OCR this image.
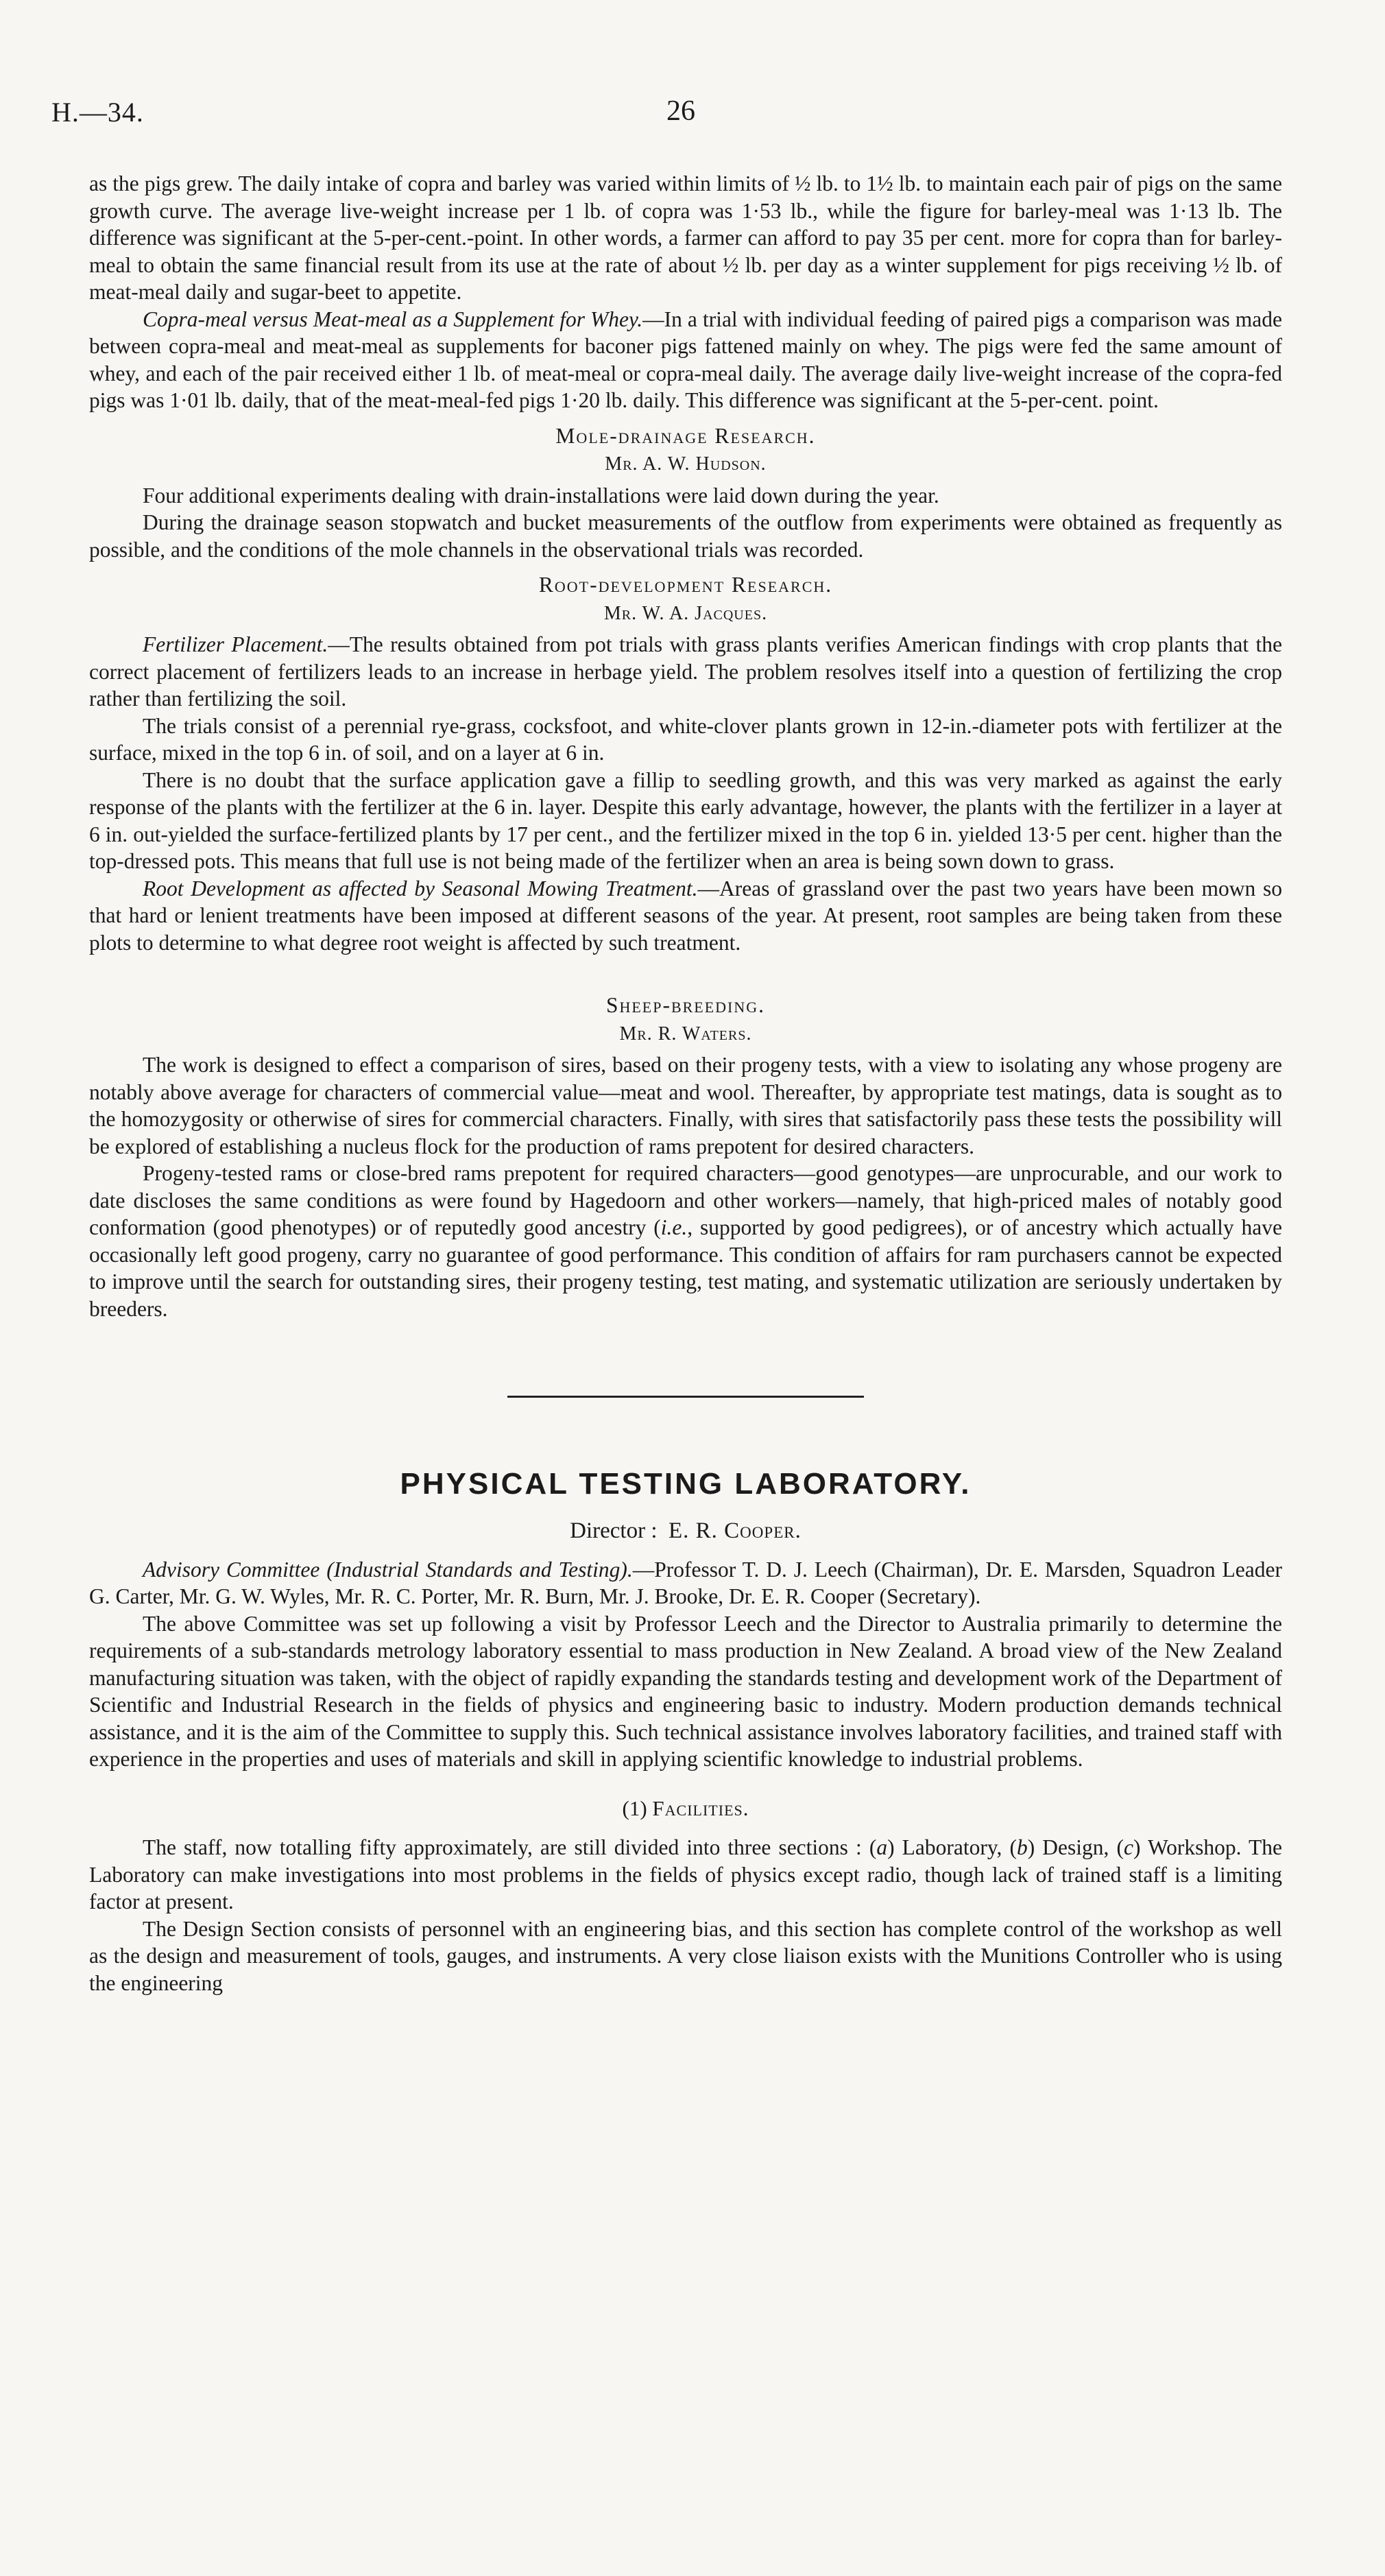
H.—34.	26

as the pigs grew. The daily intake of copra and barley was varied within limits of ½ lb. to 1½ lb. to maintain each pair of pigs on the same growth curve. The average live-weight increase per 1 lb. of copra was 1·53 lb., while the figure for barley-meal was 1·13 lb. The difference was significant at the 5-per-cent.-point. In other words, a farmer can afford to pay 35 per cent. more for copra than for barley-meal to obtain the same financial result from its use at the rate of about ½ lb. per day as a winter supplement for pigs receiving ½ lb. of meat-meal daily and sugar-beet to appetite.

Copra-meal versus Meat-meal as a Supplement for Whey.—In a trial with individual feeding of paired pigs a comparison was made between copra-meal and meat-meal as supplements for baconer pigs fattened mainly on whey. The pigs were fed the same amount of whey, and each of the pair received either 1 lb. of meat-meal or copra-meal daily. The average daily live-weight increase of the copra-fed pigs was 1·01 lb. daily, that of the meat-meal-fed pigs 1·20 lb. daily. This difference was significant at the 5-per-cent. point.

Mole-drainage Research.
Mr. A. W. Hudson.

Four additional experiments dealing with drain-installations were laid down during the year.

During the drainage season stopwatch and bucket measurements of the outflow from experiments were obtained as frequently as possible, and the conditions of the mole channels in the observational trials was recorded.

Root-development Research.
Mr. W. A. Jacques.

Fertilizer Placement.—The results obtained from pot trials with grass plants verifies American findings with crop plants that the correct placement of fertilizers leads to an increase in herbage yield. The problem resolves itself into a question of fertilizing the crop rather than fertilizing the soil.

The trials consist of a perennial rye-grass, cocksfoot, and white-clover plants grown in 12-in.-diameter pots with fertilizer at the surface, mixed in the top 6 in. of soil, and on a layer at 6 in.

There is no doubt that the surface application gave a fillip to seedling growth, and this was very marked as against the early response of the plants with the fertilizer at the 6 in. layer. Despite this early advantage, however, the plants with the fertilizer in a layer at 6 in. out-yielded the surface-fertilized plants by 17 per cent., and the fertilizer mixed in the top 6 in. yielded 13·5 per cent. higher than the top-dressed pots. This means that full use is not being made of the fertilizer when an area is being sown down to grass.

Root Development as affected by Seasonal Mowing Treatment.—Areas of grassland over the past two years have been mown so that hard or lenient treatments have been imposed at different seasons of the year. At present, root samples are being taken from these plots to determine to what degree root weight is affected by such treatment.

Sheep-breeding.
Mr. R. Waters.

The work is designed to effect a comparison of sires, based on their progeny tests, with a view to isolating any whose progeny are notably above average for characters of commercial value—meat and wool. Thereafter, by appropriate test matings, data is sought as to the homozygosity or otherwise of sires for commercial characters. Finally, with sires that satisfactorily pass these tests the possibility will be explored of establishing a nucleus flock for the production of rams prepotent for desired characters.

Progeny-tested rams or close-bred rams prepotent for required characters—good genotypes—are unprocurable, and our work to date discloses the same conditions as were found by Hagedoorn and other workers—namely, that high-priced males of notably good conformation (good phenotypes) or of reputedly good ancestry (i.e., supported by good pedigrees), or of ancestry which actually have occasionally left good progeny, carry no guarantee of good performance. This condition of affairs for ram purchasers cannot be expected to improve until the search for outstanding sires, their progeny testing, test mating, and systematic utilization are seriously undertaken by breeders.

PHYSICAL TESTING LABORATORY.
Director : E. R. Cooper.

Advisory Committee (Industrial Standards and Testing).—Professor T. D. J. Leech (Chairman), Dr. E. Marsden, Squadron Leader G. Carter, Mr. G. W. Wyles, Mr. R. C. Porter, Mr. R. Burn, Mr. J. Brooke, Dr. E. R. Cooper (Secretary).

The above Committee was set up following a visit by Professor Leech and the Director to Australia primarily to determine the requirements of a sub-standards metrology laboratory essential to mass production in New Zealand. A broad view of the New Zealand manufacturing situation was taken, with the object of rapidly expanding the standards testing and development work of the Department of Scientific and Industrial Research in the fields of physics and engineering basic to industry. Modern production demands technical assistance, and it is the aim of the Committee to supply this. Such technical assistance involves laboratory facilities, and trained staff with experience in the properties and uses of materials and skill in applying scientific knowledge to industrial problems.

(1) Facilities.

The staff, now totalling fifty approximately, are still divided into three sections : (a) Laboratory, (b) Design, (c) Workshop. The Laboratory can make investigations into most problems in the fields of physics except radio, though lack of trained staff is a limiting factor at present.

The Design Section consists of personnel with an engineering bias, and this section has complete control of the workshop as well as the design and measurement of tools, gauges, and instruments. A very close liaison exists with the Munitions Controller who is using the engineering
